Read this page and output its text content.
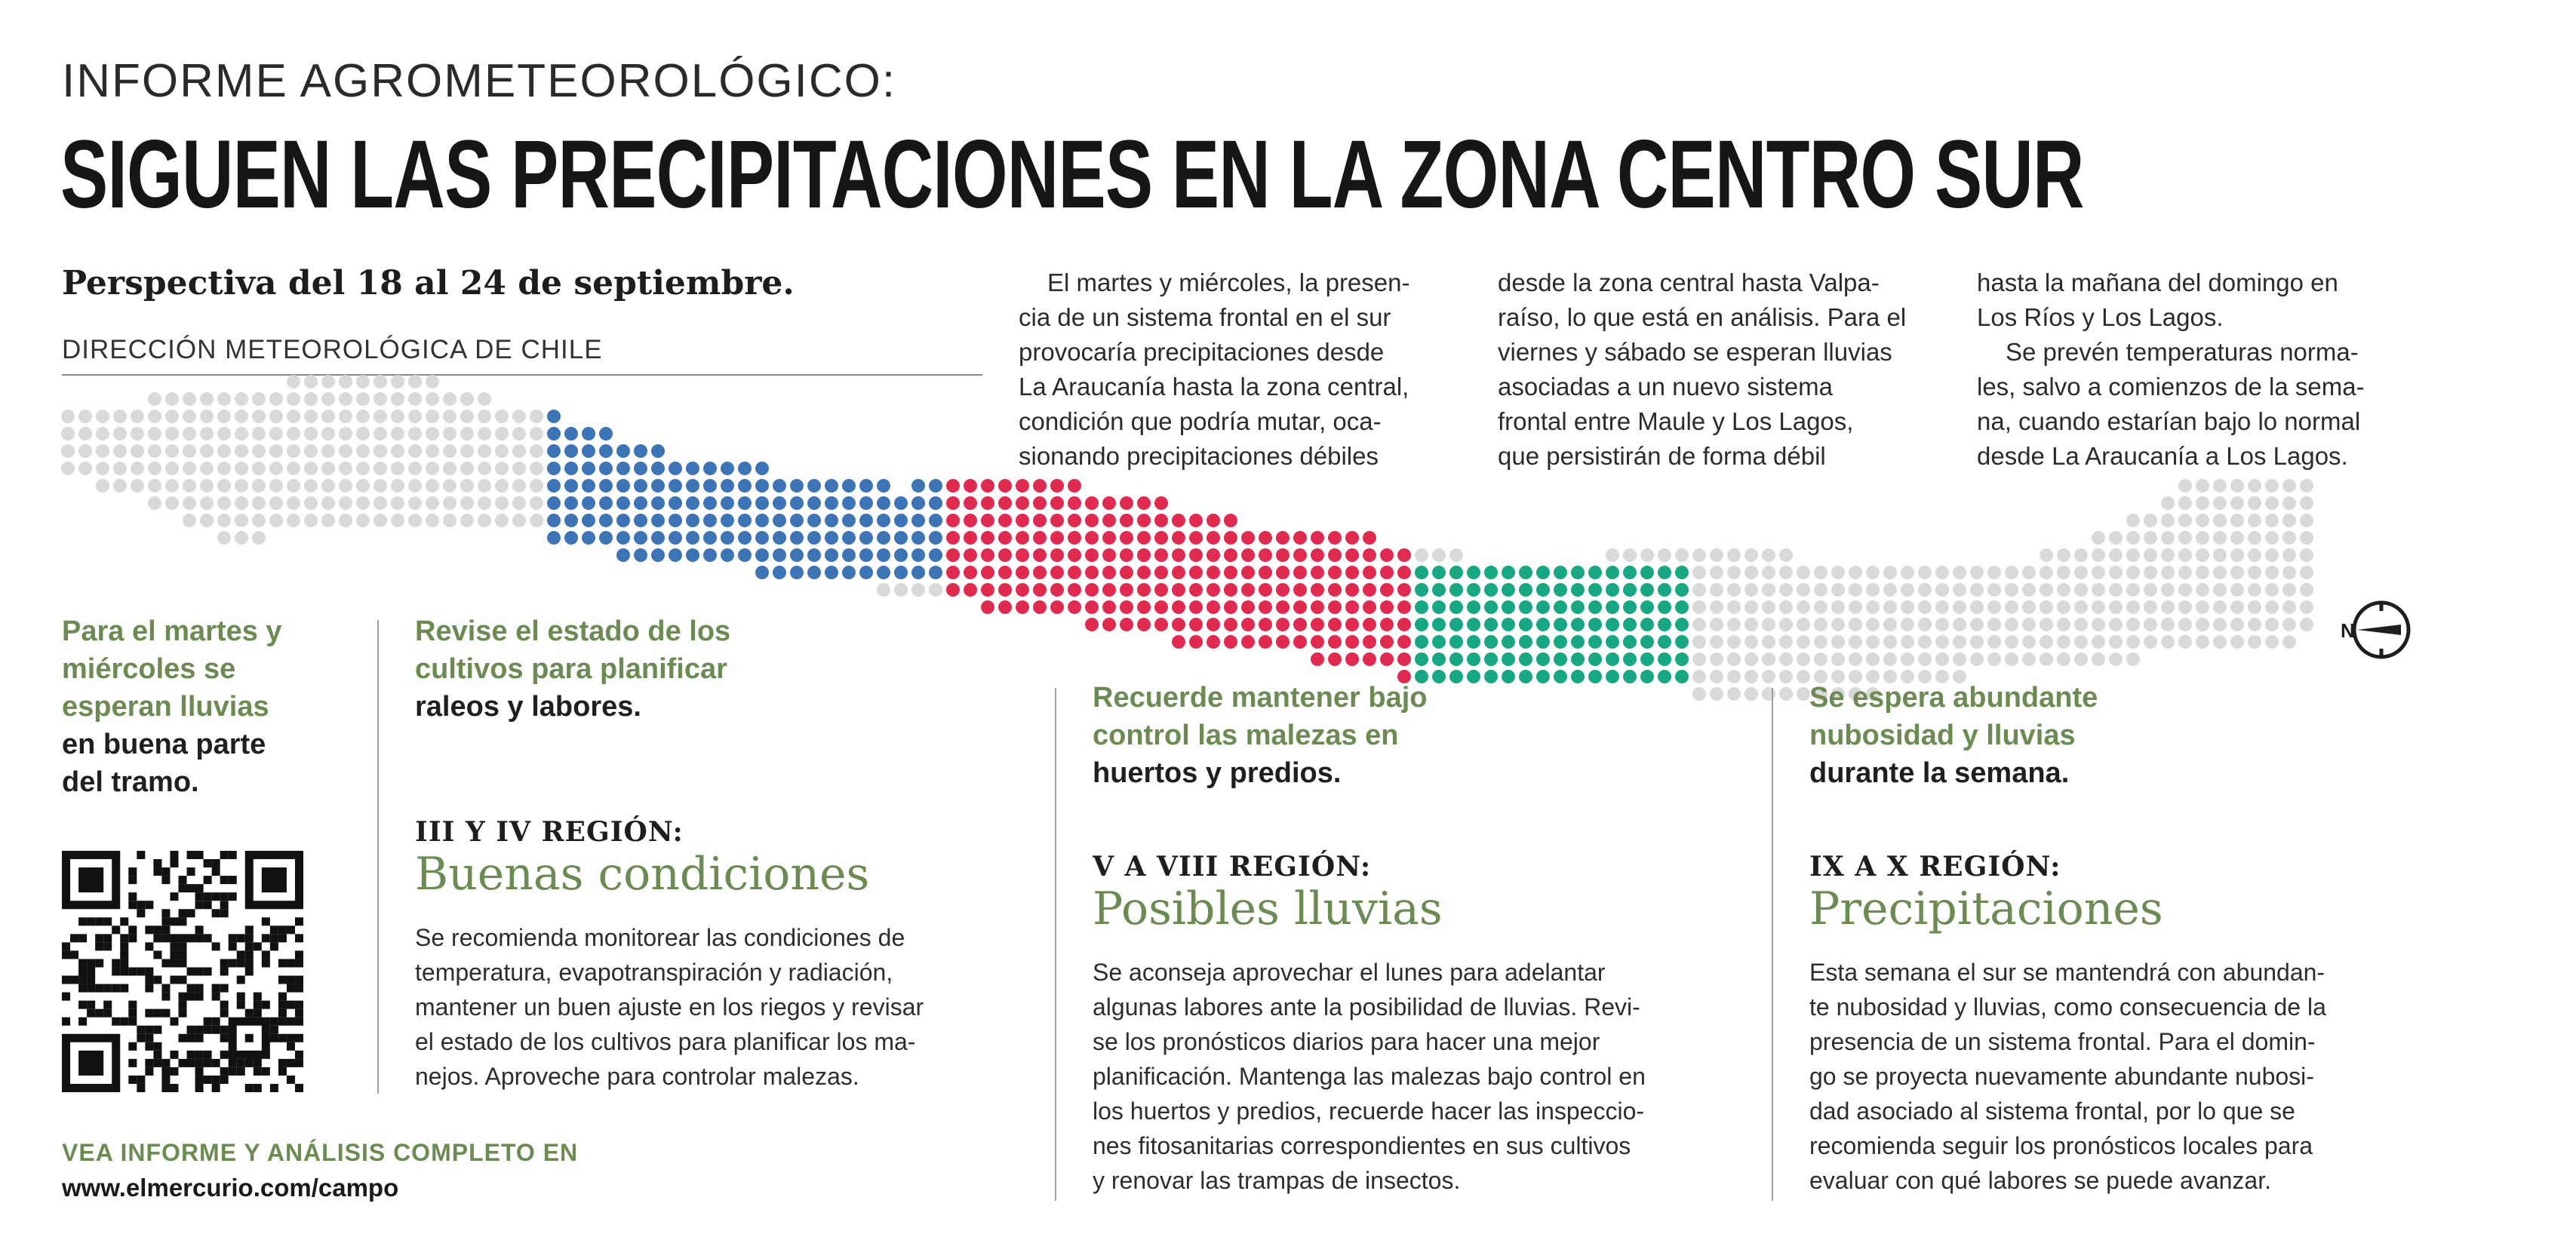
INFORME AGROMETEOROLÓGICO:
SIGUEN LAS PRECIPITACIONES EN LA ZONA CENTRO SUR
Perspectiva del 18 al 24 de septiembre.
DIRECCIÓN METEOROLÓGICA DE CHILE
El martes y miércoles, la presen-
cia de un sistema frontal en el sur
provocaría precipitaciones desde
La Araucanía hasta la zona central,
condición que podría mutar, oca-
sionando precipitaciones débiles
desde la zona central hasta Valpa-
raíso, lo que está en análisis. Para el
viernes y sábado se esperan lluvias
asociadas a un nuevo sistema
frontal entre Maule y Los Lagos,
que persistirán de forma débil
hasta la mañana del domingo en
Los Ríos y Los Lagos.
Se prevén temperaturas norma-
les, salvo a comienzos de la sema-
na, cuando estarían bajo lo normal
desde La Araucanía a Los Lagos.
N
Para el martes y
miércoles se
esperan lluvias
en buena parte
del tramo.
Revise el estado de los
cultivos para planificar
raleos y labores.	Recuerde mantener bajo
control las malezas en
huertos y predios.
Se espera abundante
nubosidad y lluvias
durante la semana.
III Y IV REGIÓN:
Buenas condiciones
Se recomienda monitorear las condiciones de
temperatura, evapotranspiración y radiación,
mantener un buen ajuste en los riegos y revisar
el estado de los cultivos para planificar los ma-
nejos. Aproveche para controlar malezas.
V A VIII REGIÓN:
Posibles lluvias
Se aconseja aprovechar el lunes para adelantar
algunas labores ante la posibilidad de lluvias. Revi-
se los pronósticos diarios para hacer una mejor
planificación. Mantenga las malezas bajo control en
los huertos y predios, recuerde hacer las inspeccio-
nes fitosanitarias correspondientes en sus cultivos
y renovar las trampas de insectos.
IX A X REGIÓN:
Precipitaciones
Esta semana el sur se mantendrá con abundan-
te nubosidad y lluvias, como consecuencia de la
presencia de un sistema frontal. Para el domin-
go se proyecta nuevamente abundante nubosi-
dad asociado al sistema frontal, por lo que se
recomienda seguir los pronósticos locales para
evaluar con qué labores se puede avanzar.
VEA INFORME Y ANÁLISIS COMPLETO EN
www.elmercurio.com/campo
